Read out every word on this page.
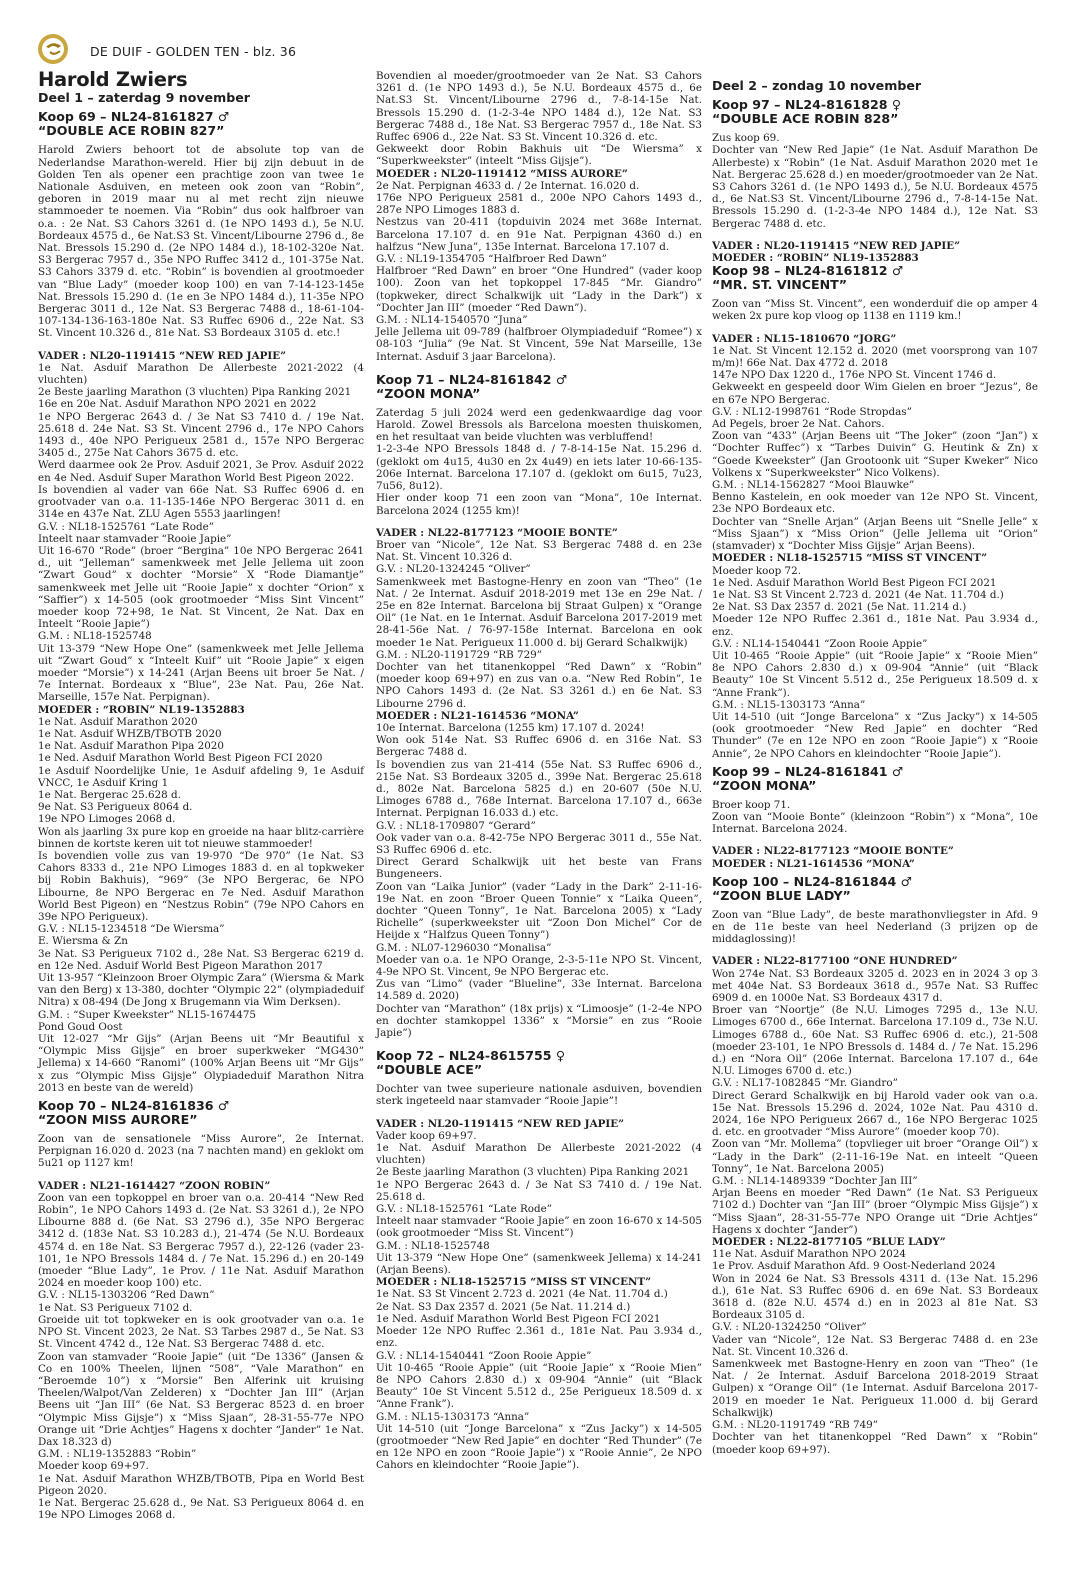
DE DUIF - GOLDEN TEN - blz. 36
Harold Zwiers
Deel 1 – zaterdag 9 november
Koop 69 – NL24-8161827 ♂
“DOUBLE ACE ROBIN 827”

Harold Zwiers behoort tot de absolute top van de Nederlandse Marathon-wereld. Hier bij zijn debuut in de Golden Ten als opener een prachtige zoon van twee 1e Nationale Asduiven, en meteen ook zoon van “Robin”, geboren in 2019 maar nu al met recht zijn nieuwe stammoeder te noemen. Via “Robin” dus ook halfbroer van o.a. : 2e Nat. S3 Cahors 3261 d. (1e NPO 1493 d.), 5e N.U. Bordeaux 4575 d., 6e Nat.S3 St. Vincent/Libourne 2796 d., 8e Nat. Bressols 15.290 d. (2e NPO 1484 d.), 18-102-320e Nat. S3 Bergerac 7957 d., 35e NPO Ruffec 3412 d., 101-375e Nat. S3 Cahors 3379 d. etc. “Robin” is bovendien al grootmoeder van “Blue Lady” (moeder koop 100) en van 7-14-123-145e Nat. Bressols 15.290 d. (1e en 3e NPO 1484 d.), 11-35e NPO Bergerac 3011 d., 12e Nat. S3 Bergerac 7488 d., 18-61-104-107-134-136-163-180e Nat. S3 Ruffec 6906 d., 22e Nat. S3 St. Vincent 10.326 d., 81e Nat. S3 Bordeaux 3105 d. etc.!

VADER : NL20-1191415 “NEW RED JAPIE”

1e Nat. Asduif Marathon De Allerbeste 2021-2022 (4 vluchten)

2e Beste jaarling Marathon (3 vluchten) Pipa Ranking 2021

16e en 20e Nat. Asduif Marathon NPO 2021 en 2022

1e NPO Bergerac 2643 d. / 3e Nat S3 7410 d. / 19e Nat. 25.618 d. 24e Nat. S3 St. Vincent 2796 d., 17e NPO Cahors 1493 d., 40e NPO Perigueux 2581 d., 157e NPO Bergerac 3405 d., 275e Nat Cahors 3675 d. etc.

Werd daarmee ook 2e Prov. Asduif 2021, 3e Prov. Asduif 2022 en 4e Ned. Asduif Super Marathon World Best Pigeon 2022.

Is bovendien al vader van 66e Nat. S3 Ruffec 6906 d. en grootvader van o.a. 11-135-146e NPO Bergerac 3011 d. en 314e en 437e Nat. ZLU Agen 5553 jaarlingen!

G.V. : NL18-1525761 “Late Rode”

Inteelt naar stamvader “Rooie Japie”

Uit 16-670 “Rode” (broer “Bergina” 10e NPO Bergerac 2641 d., uit “Jelleman” samenkweek met Jelle Jellema uit zoon “Zwart Goud” x dochter “Morsie” X “Rode Diamantje” samenkweek met Jelle uit “Rooie Japie” x dochter “Orion” x “Saffier”) x 14-505 (ook grootmoeder “Miss Sint Vincent” moeder koop 72+98, 1e Nat. St Vincent, 2e Nat. Dax en Inteelt “Rooie Japie”)

G.M. : NL18-1525748

Uit 13-379 “New Hope One” (samenkweek met Jelle Jellema uit “Zwart Goud” x “Inteelt Kuif” uit “Rooie Japie” x eigen moeder “Morsie”) x 14-241 (Arjan Beens uit broer 5e Nat. / 7e Internat. Bordeaux x “Blue”, 23e Nat. Pau, 26e Nat. Marseille, 157e Nat. Perpignan).

MOEDER : “ROBIN” NL19-1352883

1e Nat. Asduif Marathon 2020

1e Nat. Asduif WHZB/TBOTB 2020

1e Nat. Asduif Marathon Pipa 2020

1e Ned. Asduif Marathon World Best Pigeon FCI 2020

1e Asduif Noordelijke Unie, 1e Asduif afdeling 9, 1e Asduif VNCC, 1e Asduif Kring 1

1e Nat. Bergerac 25.628 d.

9e Nat. S3 Perigueux 8064 d.

19e NPO Limoges 2068 d.

Won als jaarling 3x pure kop en groeide na haar blitz-carrière binnen de kortste keren uit tot nieuwe stammoeder!

Is bovendien volle zus van 19-970 “De 970” (1e Nat. S3 Cahors 8333 d., 21e NPO Limoges 1883 d. en al topkweker bij Robin Bakhuis), “969” (3e NPO Bergerac, 6e NPO Libourne, 8e NPO Bergerac en 7e Ned. Asduif Marathon World Best Pigeon) en “Nestzus Robin” (79e NPO Cahors en 39e NPO Perigueux).

G.V. : NL15-1234518 “De Wiersma”

E. Wiersma & Zn

3e Nat. S3 Perigueux 7102 d., 28e Nat. S3 Bergerac 6219 d. en 12e Ned. Asduif World Best Pigeon Marathon 2017

Uit 13-957 “Kleinzoon Broer Olympic Zara” (Wiersma & Mark van den Berg) x 13-380, dochter “Olympic 22” (olympiadeduif Nitra) x 08-494 (De Jong x Brugemann via Wim Derksen).

G.M. : “Super Kweekster” NL15-1674475

Pond Goud Oost

Uit 12-027 “Mr Gijs” (Arjan Beens uit “Mr Beautiful x “Olympic Miss Gijsje” en broer superkweker “MG430” Jellema) x 14-660 “Ranomi” (100% Arjan Beens uit “Mr Gijs” x zus “Olympic Miss Gijsje” Olypiadeduif Marathon Nitra 2013 en beste van de wereld)

Koop 70 – NL24-8161836 ♂
“ZOON MISS AURORE”

Zoon van de sensationele “Miss Aurore”, 2e Internat. Perpignan 16.020 d. 2023 (na 7 nachten mand) en geklokt om 5u21 op 1127 km!

VADER : NL21-1614427 “ZOON ROBIN”

Zoon van een topkoppel en broer van o.a. 20-414 “New Red Robin”, 1e NPO Cahors 1493 d. (2e Nat. S3 3261 d.), 2e NPO Libourne 888 d. (6e Nat. S3 2796 d.), 35e NPO Bergerac 3412 d. (183e Nat. S3 10.283 d.), 21-474 (5e N.U. Bordeaux 4574 d. en 18e Nat. S3 Bergerac 7957 d.), 22-126 (vader 23-101, 1e NPO Bressols 1484 d. / 7e Nat. 15.296 d.) en 20-149 (moeder “Blue Lady”, 1e Prov. / 11e Nat. Asduif Marathon 2024 en moeder koop 100) etc.

G.V. : NL15-1303206 “Red Dawn”

1e Nat. S3 Perigueux 7102 d.

Groeide uit tot topkweker en is ook grootvader van o.a. 1e NPO St. Vincent 2023, 2e Nat. S3 Tarbes 2987 d., 5e Nat. S3 St. Vincent 4742 d., 12e Nat. S3 Bergerac 7488 d. etc.

Zoon van stamvader “Rooie Japie” (uit “De 1336” (Jansen & Co en 100% Theelen, lijnen “508”, “Vale Marathon” en “Beroemde 10”) x “Morsie” Ben Alferink uit kruising Theelen/Walpot/Van Zelderen) x “Dochter Jan III” (Arjan Beens uit “Jan III” (6e Nat. S3 Bergerac 8523 d. en broer “Olympic Miss Gijsje”) x “Miss Sjaan”, 28-31-55-77e NPO Orange uit “Drie Achtjes” Hagens x dochter “Jander” 1e Nat. Dax 18.323 d)

G.M. : NL19-1352883 “Robin”

Moeder koop 69+97.

1e Nat. Asduif Marathon WHZB/TBOTB, Pipa en World Best Pigeon 2020.

1e Nat. Bergerac 25.628 d., 9e Nat. S3 Perigueux 8064 d. en 19e NPO Limoges 2068 d.

Bovendien al moeder/grootmoeder van 2e Nat. S3 Cahors 3261 d. (1e NPO 1493 d.), 5e N.U. Bordeaux 4575 d., 6e Nat.S3 St. Vincent/Libourne 2796 d., 7-8-14-15e Nat. Bressols 15.290 d. (1-2-3-4e NPO 1484 d.), 12e Nat. S3 Bergerac 7488 d., 18e Nat. S3 Bergerac 7957 d., 18e Nat. S3 Ruffec 6906 d., 22e Nat. S3 St. Vincent 10.326 d. etc.

Gekweekt door Robin Bakhuis uit “De Wiersma” x “Superkweekster” (inteelt “Miss Gijsje”).

MOEDER : NL20-1191412 “MISS AURORE”

2e Nat. Perpignan 4633 d. / 2e Internat. 16.020 d.

176e NPO Perigueux 2581 d., 200e NPO Cahors 1493 d., 287e NPO Limoges 1883 d.

Nestzus van 20-411 (topduivin 2024 met 368e Internat. Barcelona 17.107 d. en 91e Nat. Perpignan 4360 d.) en halfzus “New Juna”, 135e Internat. Barcelona 17.107 d.

G.V. : NL19-1354705 “Halfbroer Red Dawn”

Halfbroer “Red Dawn” en broer “One Hundred” (vader koop 100). Zoon van het topkoppel 17-845 “Mr. Giandro” (topkweker, direct Schalkwijk uit “Lady in the Dark”) x “Dochter Jan III” (moeder “Red Dawn”).

G.M. : NL14-1540570 “Juna”

Jelle Jellema uit 09-789 (halfbroer Olympiadeduif “Romee”) x 08-103 “Julia” (9e Nat. St Vincent, 59e Nat Marseille, 13e Internat. Asduif 3 jaar Barcelona).

Koop 71 – NL24-8161842 ♂
“ZOON MONA”

Zaterdag 5 juli 2024 werd een gedenkwaardige dag voor Harold. Zowel Bressols als Barcelona moesten thuiskomen, en het resultaat van beide vluchten was verbluffend!

1-2-3-4e NPO Bressols 1848 d. / 7-8-14-15e Nat. 15.296 d. (geklokt om 4u15, 4u30 en 2x 4u49) en iets later 10-66-135-206e Internat. Barcelona 17.107 d. (geklokt om 6u15, 7u23, 7u56, 8u12).

Hier onder koop 71 een zoon van “Mona”, 10e Internat. Barcelona 2024 (1255 km)!

VADER : NL22-8177123 “MOOIE BONTE”

Broer van “Nicole”, 12e Nat. S3 Bergerac 7488 d. en 23e Nat. St. Vincent 10.326 d.

G.V. : NL20-1324245 “Oliver”

Samenkweek met Bastogne-Henry en zoon van “Theo” (1e Nat. / 2e Internat. Asduif 2018-2019 met 13e en 29e Nat. / 25e en 82e Internat. Barcelona bij Straat Gulpen) x “Orange Oil” (1e Nat. en 1e Internat. Asduif Barcelona 2017-2019 met 28-41-56e Nat. / 76-97-158e Internat. Barcelona en ook moeder 1e Nat. Perigueux 11.000 d. bij Gerard Schalkwijk)

G.M. : NL20-1191729 “RB 729”

Dochter van het titanenkoppel “Red Dawn” x “Robin” (moeder koop 69+97) en zus van o.a. “New Red Robin”, 1e NPO Cahors 1493 d. (2e Nat. S3 3261 d.) en 6e Nat. S3 Libourne 2796 d.

MOEDER : NL21-1614536 “MONA”

10e Internat. Barcelona (1255 km) 17.107 d. 2024!

Won ook 514e Nat. S3 Ruffec 6906 d. en 316e Nat. S3 Bergerac 7488 d.

Is bovendien zus van 21-414 (55e Nat. S3 Ruffec 6906 d., 215e Nat. S3 Bordeaux 3205 d., 399e Nat. Bergerac 25.618 d., 802e Nat. Barcelona 5825 d.) en 20-607 (50e N.U. Limoges 6788 d., 768e Internat. Barcelona 17.107 d., 663e Internat. Perpignan 16.033 d.) etc.

G.V. : NL18-1709807 “Gerard”

Ook vader van o.a. 8-42-75e NPO Bergerac 3011 d., 55e Nat. S3 Ruffec 6906 d. etc.

Direct Gerard Schalkwijk uit het beste van Frans Bungeneers.

Zoon van “Laika Junior” (vader “Lady in the Dark” 2-11-16-19e Nat. en zoon “Broer Queen Tonnie” x “Laika Queen”, dochter “Queen Tonny”, 1e Nat. Barcelona 2005) x “Lady Richelle” (superkweekster uit “Zoon Don Michel” Cor de Heijde x “Halfzus Queen Tonny”)

G.M. : NL07-1296030 “Monalisa”

Moeder van o.a. 1e NPO Orange, 2-3-5-11e NPO St. Vincent, 4-9e NPO St. Vincent, 9e NPO Bergerac etc.

Zus van “Limo” (vader “Blueline”, 33e Internat. Barcelona 14.589 d. 2020)

Dochter van “Marathon” (18x prijs) x “Limoosje” (1-2-4e NPO en dochter stamkoppel 1336” x “Morsie” en zus “Rooie Japie”)

Koop 72 – NL24-8615755 ♀
“DOUBLE ACE”

Dochter van twee superieure nationale asduiven, bovendien sterk ingeteeld naar stamvader “Rooie Japie”!

VADER : NL20-1191415 “NEW RED JAPIE”

Vader koop 69+97.

1e Nat. Asduif Marathon De Allerbeste 2021-2022 (4 vluchten)

2e Beste jaarling Marathon (3 vluchten) Pipa Ranking 2021

1e NPO Bergerac 2643 d. / 3e Nat S3 7410 d. / 19e Nat. 25.618 d.

G.V. : NL18-1525761 “Late Rode”

Inteelt naar stamvader “Rooie Japie” en zoon 16-670 x 14-505 (ook grootmoeder “Miss St. Vincent”)

G.M. : NL18-1525748

Uit 13-379 “New Hope One” (samenkweek Jellema) x 14-241 (Arjan Beens).

MOEDER : NL18-1525715 “MISS ST VINCENT”

1e Nat. S3 St Vincent 2.723 d. 2021 (4e Nat. 11.704 d.)

2e Nat. S3 Dax 2357 d. 2021 (5e Nat. 11.214 d.)

1e Ned. Asduif Marathon World Best Pigeon FCI 2021

Moeder 12e NPO Ruffec 2.361 d., 181e Nat. Pau 3.934 d., enz.

G.V. : NL14-1540441 “Zoon Rooie Appie”

Uit 10-465 “Rooie Appie” (uit “Rooie Japie” x “Rooie Mien” 8e NPO Cahors 2.830 d.) x 09-904 “Annie” (uit “Black Beauty” 10e St Vincent 5.512 d., 25e Perigueux 18.509 d. x “Anne Frank”).

G.M. : NL15-1303173 “Anna”

Uit 14-510 (uit “Jonge Barcelona” x “Zus Jacky”) x 14-505 (grootmoeder “New Red Japie” en dochter “Red Thunder” (7e en 12e NPO en zoon “Rooie Japie”) x “Rooie Annie”, 2e NPO Cahors en kleindochter “Rooie Japie”).

Deel 2 – zondag 10 november
Koop 97 – NL24-8161828 ♀
“DOUBLE ACE ROBIN 828”

Zus koop 69.

Dochter van “New Red Japie” (1e Nat. Asduif Marathon De Allerbeste) x “Robin” (1e Nat. Asduif Marathon 2020 met 1e Nat. Bergerac 25.628 d.) en moeder/grootmoeder van 2e Nat. S3 Cahors 3261 d. (1e NPO 1493 d.), 5e N.U. Bordeaux 4575 d., 6e Nat.S3 St. Vincent/Libourne 2796 d., 7-8-14-15e Nat. Bressols 15.290 d. (1-2-3-4e NPO 1484 d.), 12e Nat. S3 Bergerac 7488 d. etc.

VADER : NL20-1191415 “NEW RED JAPIE”

MOEDER : “ROBIN” NL19-1352883

Koop 98 – NL24-8161812 ♂
“MR. ST. VINCENT”

Zoon van “Miss St. Vincent”, een wonderduif die op amper 4 weken 2x pure kop vloog op 1138 en 1119 km.!

VADER : NL15-1810670 “JORG”

1e Nat. St Vincent 12.152 d. 2020 (met voorsprong van 107 m/m)! 66e Nat. Dax 4772 d. 2018

147e NPO Dax 1220 d., 176e NPO St. Vincent 1746 d.

Gekweekt en gespeeld door Wim Gielen en broer “Jezus”, 8e en 67e NPO Bergerac.

G.V. : NL12-1998761 “Rode Stropdas”

Ad Pegels, broer 2e Nat. Cahors.

Zoon van “433” (Arjan Beens uit “The Joker” (zoon “Jan”) x “Dochter Ruffec”) x “Tarbes Duivin” G. Heutink & Zn) x “Goede Kweekster” (Jan Grootoonk uit “Super Kweker” Nico Volkens x “Superkweekster” Nico Volkens).

G.M. : NL14-1562827 “Mooi Blauwke”

Benno Kastelein, en ook moeder van 12e NPO St. Vincent, 23e NPO Bordeaux etc.

Dochter van “Snelle Arjan” (Arjan Beens uit “Snelle Jelle” x “Miss Sjaan”) x “Miss Orion” (Jelle Jellema uit “Orion” (stamvader) x “Dochter Miss Gijsje” Arjan Beens).

MOEDER : NL18-1525715 “MISS ST VINCENT”

Moeder koop 72.

1e Ned. Asduif Marathon World Best Pigeon FCI 2021

1e Nat. S3 St Vincent 2.723 d. 2021 (4e Nat. 11.704 d.)

2e Nat. S3 Dax 2357 d. 2021 (5e Nat. 11.214 d.)

Moeder 12e NPO Ruffec 2.361 d., 181e Nat. Pau 3.934 d., enz.

G.V. : NL14-1540441 “Zoon Rooie Appie”

Uit 10-465 “Rooie Appie” (uit “Rooie Japie” x “Rooie Mien” 8e NPO Cahors 2.830 d.) x 09-904 “Annie” (uit “Black Beauty” 10e St Vincent 5.512 d., 25e Perigueux 18.509 d. x “Anne Frank”).

G.M. : NL15-1303173 “Anna”

Uit 14-510 (uit “Jonge Barcelona” x “Zus Jacky”) x 14-505 (ook grootmoeder “New Red Japie” en dochter “Red Thunder” (7e en 12e NPO en zoon “Rooie Japie”) x “Rooie Annie”, 2e NPO Cahors en kleindochter “Rooie Japie”).

Koop 99 – NL24-8161841 ♂
“ZOON MONA”

Broer koop 71.

Zoon van “Mooie Bonte” (kleinzoon “Robin”) x “Mona”, 10e Internat. Barcelona 2024.

VADER : NL22-8177123 “MOOIE BONTE”

MOEDER : NL21-1614536 “MONA”

Koop 100 – NL24-8161844 ♂
“ZOON BLUE LADY”

Zoon van “Blue Lady”, de beste marathonvliegster in Afd. 9 en de 11e beste van heel Nederland (3 prijzen op de middaglossing)!

VADER : NL22-8177100 “ONE HUNDRED”

Won 274e Nat. S3 Bordeaux 3205 d. 2023 en in 2024 3 op 3 met 404e Nat. S3 Bordeaux 3618 d., 957e Nat. S3 Ruffec 6909 d. en 1000e Nat. S3 Bordeaux 4317 d.

Broer van “Noortje” (8e N.U. Limoges 7295 d., 13e N.U. Limoges 6700 d., 66e Internat. Barcelona 17.109 d., 73e N.U. Limoges 6788 d., 60e Nat. S3 Ruffec 6906 d. etc.), 21-508 (moeder 23-101, 1e NPO Bressols d. 1484 d. / 7e Nat. 15.296 d.) en “Nora Oil” (206e Internat. Barcelona 17.107 d., 64e N.U. Limoges 6700 d. etc.)

G.V. : NL17-1082845 “Mr. Giandro”

Direct Gerard Schalkwijk en bij Harold vader ook van o.a. 15e Nat. Bressols 15.296 d. 2024, 102e Nat. Pau 4310 d. 2024, 16e NPO Perigueux 2667 d., 16e NPO Bergerac 1025 d. etc. en grootvader “Miss Aurore” (moeder koop 70).

Zoon van “Mr. Mollema” (topvlieger uit broer “Orange Oil”) x “Lady in the Dark” (2-11-16-19e Nat. en inteelt “Queen Tonny”, 1e Nat. Barcelona 2005)

G.M. : NL14-1489339 “Dochter Jan III”

Arjan Beens en moeder “Red Dawn” (1e Nat. S3 Perigueux 7102 d.) Dochter van “Jan III” (broer “Olympic Miss Gijsje”) x “Miss Sjaan”, 28-31-55-77e NPO Orange uit “Drie Achtjes” Hagens x dochter “Jander”)

MOEDER : NL22-8177105 “BLUE LADY”

11e Nat. Asduif Marathon NPO 2024

1e Prov. Asduif Marathon Afd. 9 Oost-Nederland 2024

Won in 2024 6e Nat. S3 Bressols 4311 d. (13e Nat. 15.296 d.), 61e Nat. S3 Ruffec 6906 d. en 69e Nat. S3 Bordeaux 3618 d. (82e N.U. 4574 d.) en in 2023 al 81e Nat. S3 Bordeaux 3105 d.

G.V. : NL20-1324250 “Oliver”

Vader van “Nicole”, 12e Nat. S3 Bergerac 7488 d. en 23e Nat. St. Vincent 10.326 d.

Samenkweek met Bastogne-Henry en zoon van “Theo” (1e Nat. / 2e Internat. Asduif Barcelona 2018-2019 Straat Gulpen) x “Orange Oil” (1e Internat. Asduif Barcelona 2017-2019 en moeder 1e Nat. Perigueux 11.000 d. bij Gerard Schalkwijk)

G.M. : NL20-1191749 “RB 749”

Dochter van het titanenkoppel “Red Dawn” x “Robin” (moeder koop 69+97).
